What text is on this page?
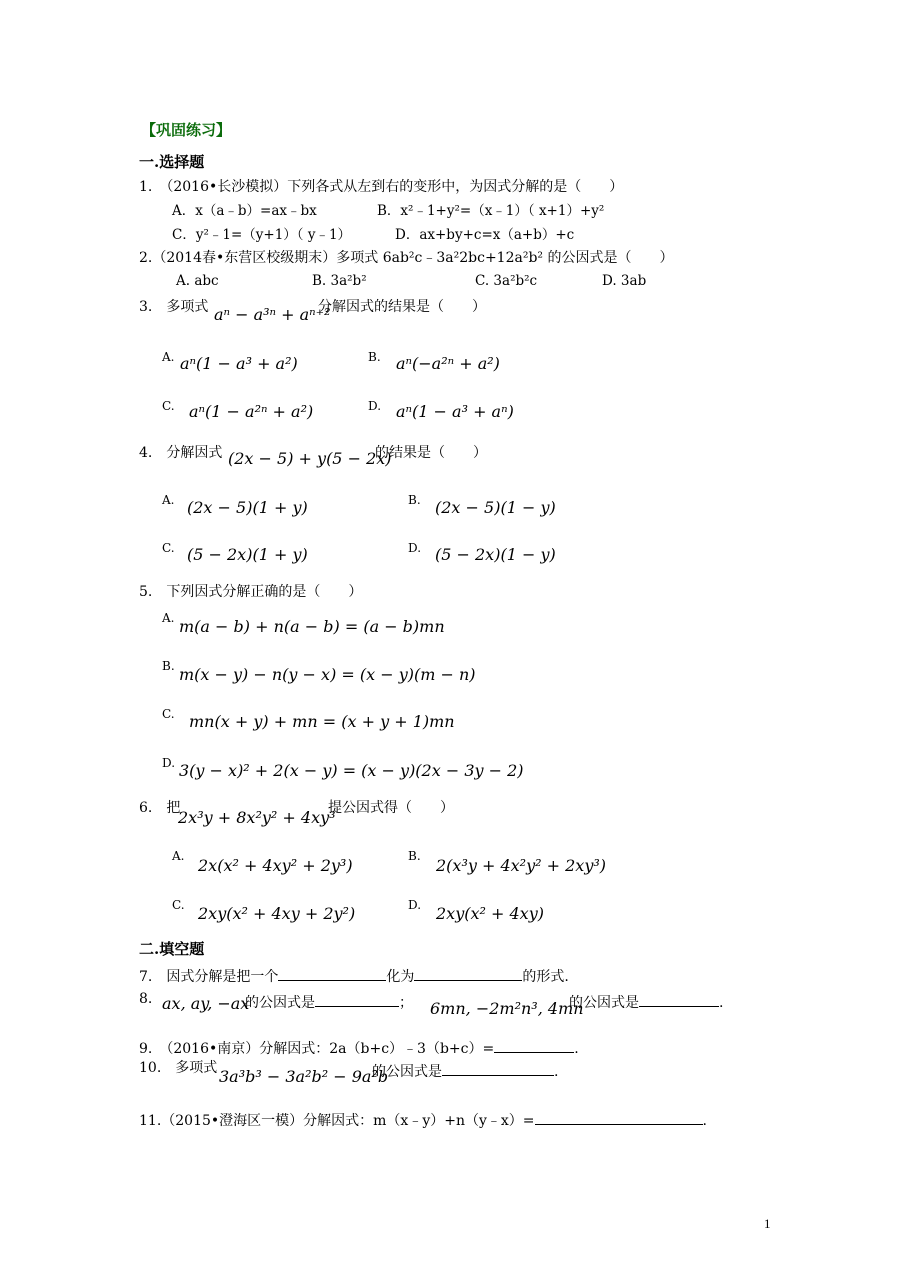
【巩固练习】
一.选择题
1.　（2016•长沙模拟）下列各式从左到右的变形中，为因式分解的是（　　）
A．x（a﹣b）=ax﹣bx	B．x²﹣1+y²=（x﹣1）（ x+1）+y²
C．y²﹣1=（y+1）（ y﹣1）	D．ax+by+c=x（a+b）+c
2.（2014春•东营区校级期末）多项式 6ab²c﹣3a²2bc+12a²b² 的公因式是（　　）
A. abc	B. 3a²b²	C. 3a²b²c	D. 3ab
3.　多项式 aⁿ − a³ⁿ + aⁿ⁺²
分解因式的结果是（　　）
A. aⁿ(1 − a³ + a²)	B. aⁿ(−a²ⁿ + a²)
C. aⁿ(1 − a²ⁿ + a²)	D. aⁿ(1 − a³ + aⁿ)
4.　分解因式 (2x − 5) + y(5 − 2x)
的结果是（　　）
A. (2x − 5)(1 + y)	B. (2x − 5)(1 − y)
C. (5 − 2x)(1 + y)	D. (5 − 2x)(1 − y)
5.　下列因式分解正确的是（　　）
A. m(a − b) + n(a − b) = (a − b)mn
B. m(x − y) − n(y − x) = (x − y)(m − n)
C. mn(x + y) + mn = (x + y + 1)mn
D. 3(y − x)² + 2(x − y) = (x − y)(2x − 3y − 2)
6.　把
2x³y + 8x²y² + 4xy³
提公因式得（　　）
A. 2x(x² + 4xy² + 2y³)	B. 2(x³y + 4x²y² + 2xy³)
C. 2xy(x² + 4xy + 2y²)	D. 2xy(x² + 4xy)
二.填空题
7.　因式分解是把一个	化为	的形式.
8. ax, ay, −ax
的公因式是	； 6mn, −2m²n³, 4mn
的公因式是	.
9.　（2016•南京）分解因式：2a（b+c）﹣3（b+c）=	.
10.　多项式 3a³b³ − 3a²b² − 9a²b
的公因式是	.
11.（2015•澄海区一模）分解因式：m（x﹣y）+n（y﹣x）=	.
1
